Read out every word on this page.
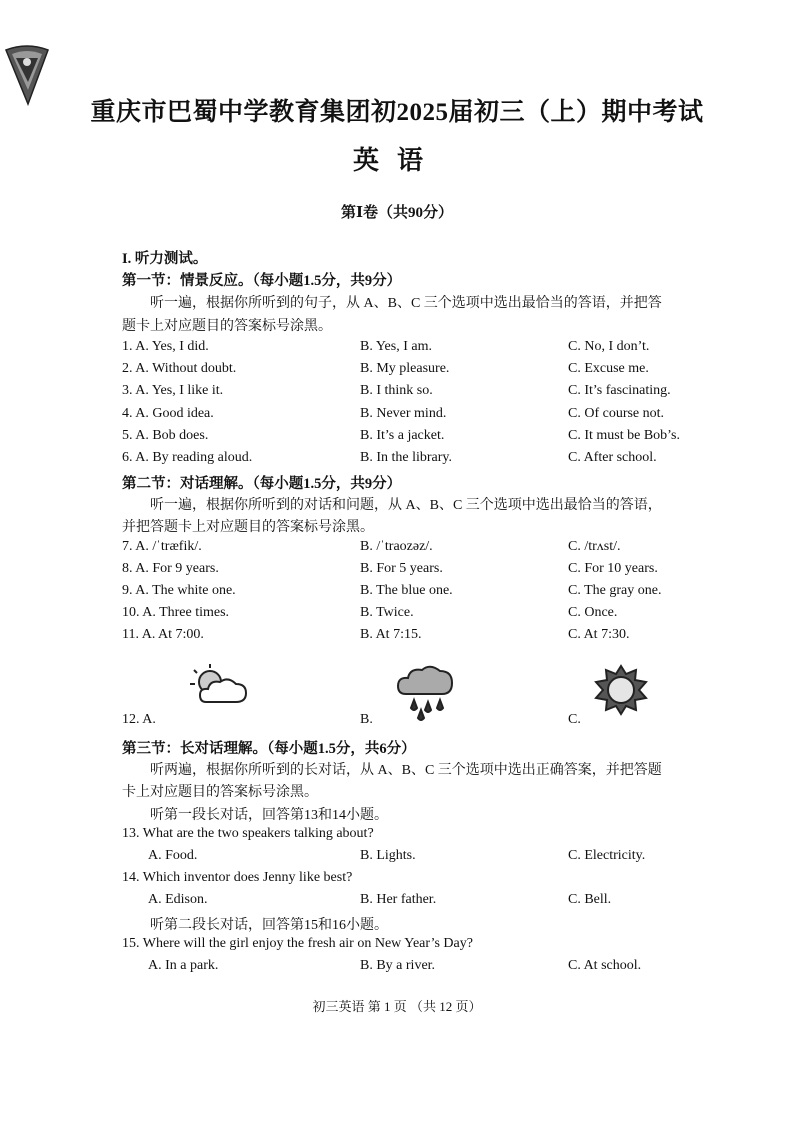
重庆市巴蜀中学教育集团初2025届初三（上）期中考试
英语
第Ⅰ卷（共90分）
I. 听力测试。
第一节：情景反应。（每小题1.5分，共9分）
听一遍，根据你所听到的句子，从 A、B、C 三个选项中选出最恰当的答语，并把答
题卡上对应题目的答案标号涂黑。
1. A. Yes, I did.	B. Yes, I am.	C. No, I don’t.
2. A. Without doubt.	B. My pleasure.	C. Excuse me.
3. A. Yes, I like it.	B. I think so.	C. It’s fascinating.
4. A. Good idea.	B. Never mind.	C. Of course not.
5. A. Bob does.	B. It’s a jacket.	C. It must be Bob’s.
6. A. By reading aloud.	B. In the library.	C. After school.
第二节：对话理解。（每小题1.5分，共9分）
听一遍，根据你所听到的对话和问题，从 A、B、C 三个选项中选出最恰当的答语，
并把答题卡上对应题目的答案标号涂黑。
7. A. /ˈtræfik/.	B. /ˈtraozəz/.	C. /trʌst/.
8. A. For 9 years.	B. For 5 years.	C. For 10 years.
9. A. The white one.	B. The blue one.	C. The gray one.
10. A. Three times.	B. Twice.	C. Once.
11. A. At 7:00.	B. At 7:15.	C. At 7:30.
12. A.	B.	C.
第三节：长对话理解。（每小题1.5分，共6分）
听两遍，根据你所听到的长对话，从 A、B、C 三个选项中选出正确答案，并把答题
卡上对应题目的答案标号涂黑。
听第一段长对话，回答第13和14小题。
13. What are the two speakers talking about?
A. Food.	B. Lights.	C. Electricity.
14. Which inventor does Jenny like best?
A. Edison.	B. Her father.	C. Bell.
听第二段长对话，回答第15和16小题。
15. Where will the girl enjoy the fresh air on New Year’s Day?
A. In a park.	B. By a river.	C. At school.
初三英语 第 1 页 （共 12 页）
